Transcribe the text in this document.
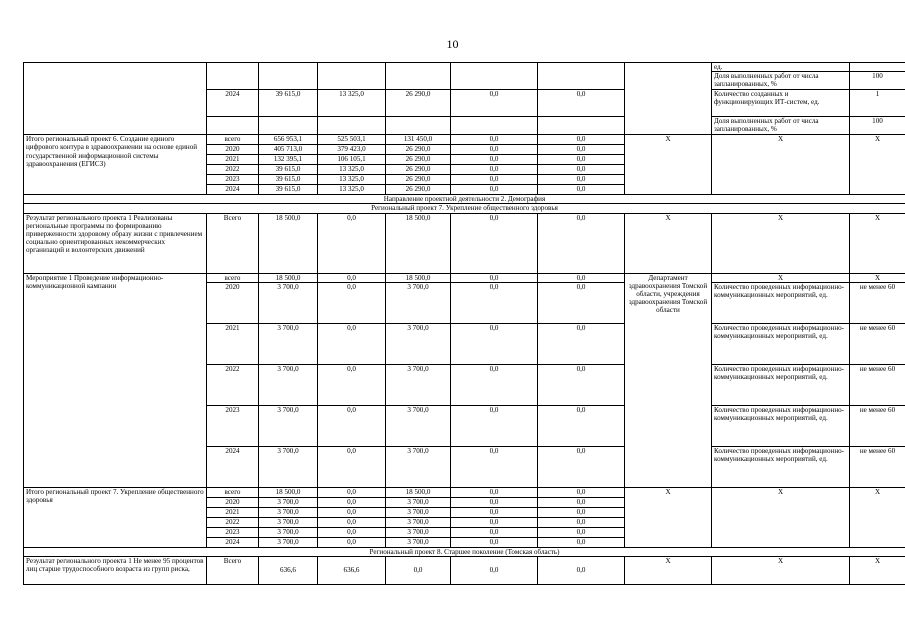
10
								ед.	
								Доля выполненных работ от числа запланированных, %	100
	2024	39 615,0	13 325,0	26 290,0	0,0	0,0		Количество созданных и функционирующих ИТ-систем, ед.	1
								Доля выполненных работ от числа запланированных, %	100
Итого региональный проект 6. Создание единого цифрового контура в здравоохранении на основе единой государственной информационной системы здравоохранения (ЕГИСЗ)	всего	656 953,1	525 503,1	131 450,0	0,0	0,0	X	X	X
	2020	405 713,0	379 423,0	26 290,0	0,0	0,0			
	2021	132 395,1	106 105,1	26 290,0	0,0	0,0			
	2022	39 615,0	13 325,0	26 290,0	0,0	0,0			
	2023	39 615,0	13 325,0	26 290,0	0,0	0,0			
	2024	39 615,0	13 325,0	26 290,0	0,0	0,0			
Направление проектной деятельности 2. Демография									
Региональный проект 7. Укрепление общественного здоровья									
Результат регионального проекта 1 Реализованы региональные программы по формированию приверженности здоровому образу жизни с привлечением социально ориентированных некоммерческих организаций и волонтерских движений	Всего	18 500,0	0,0	18 500,0	0,0	0,0	X	X	X
Мероприятие 1 Проведение информационно-коммуникационной кампании	всего	18 500,0	0,0	18 500,0	0,0	0,0	Департамент здравоохранения Томской области, учреждения здравоохранения Томской области	X	X
	2020	3 700,0	0,0	3 700,0	0,0	0,0		Количество проведенных информационно-коммуникационных мероприятий, ед.	не менее 60
	2021	3 700,0	0,0	3 700,0	0,0	0,0		Количество проведенных информационно-коммуникационных мероприятий, ед.	не менее 60
	2022	3 700,0	0,0	3 700,0	0,0	0,0		Количество проведенных информационно-коммуникационных мероприятий, ед.	не менее 60
	2023	3 700,0	0,0	3 700,0	0,0	0,0		Количество проведенных информационно-коммуникационных мероприятий, ед.	не менее 60
	2024	3 700,0	0,0	3 700,0	0,0	0,0		Количество проведенных информационно-коммуникационных мероприятий, ед.	не менее 60
Итого региональный проект 7. Укрепление общественного здоровья	всего	18 500,0	0,0	18 500,0	0,0	0,0	X	X	X
	2020	3 700,0	0,0	3 700,0	0,0	0,0			
	2021	3 700,0	0,0	3 700,0	0,0	0,0			
	2022	3 700,0	0,0	3 700,0	0,0	0,0			
	2023	3 700,0	0,0	3 700,0	0,0	0,0			
	2024	3 700,0	0,0	3 700,0	0,0	0,0			
Региональный проект 8. Старшее поколение (Томская область)									
Результат регионального проекта 1 Не менее 95 процентов лиц старше трудоспособного возраста из групп риска,	Всего	636,6	636,6	0,0	0,0	0,0	X	X	X
